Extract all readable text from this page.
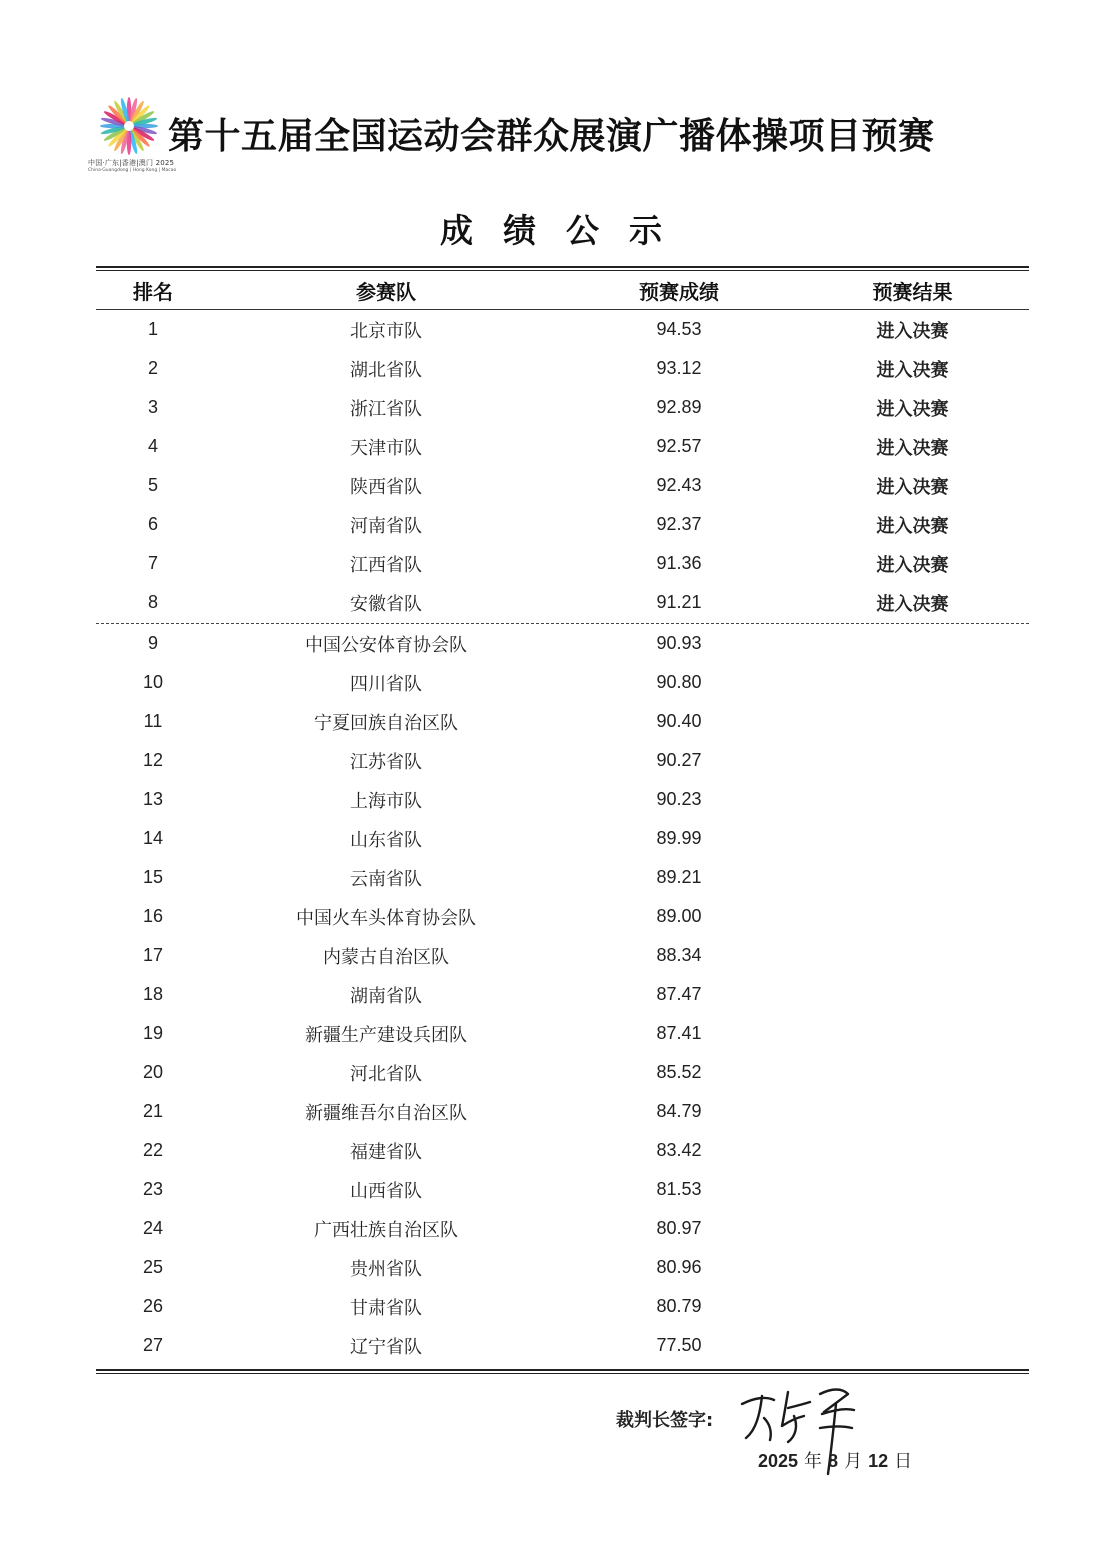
中国·广东|香港|澳门 2025
China·Guangdong | Hong Kong | Macao
第十五届全国运动会群众展演广播体操项目预赛
成绩公示
排名	参赛队	预赛成绩	预赛结果
1	北京市队	94.53	进入决赛
2	湖北省队	93.12	进入决赛
3	浙江省队	92.89	进入决赛
4	天津市队	92.57	进入决赛
5	陕西省队	92.43	进入决赛
6	河南省队	92.37	进入决赛
7	江西省队	91.36	进入决赛
8	安徽省队	91.21	进入决赛
9	中国公安体育协会队	90.93
10	四川省队	90.80
11	宁夏回族自治区队	90.40
12	江苏省队	90.27
13	上海市队	90.23
14	山东省队	89.99
15	云南省队	89.21
16	中国火车头体育协会队	89.00
17	内蒙古自治区队	88.34
18	湖南省队	87.47
19	新疆生产建设兵团队	87.41
20	河北省队	85.52
21	新疆维吾尔自治区队	84.79
22	福建省队	83.42
23	山西省队	81.53
24	广西壮族自治区队	80.97
25	贵州省队	80.96
26	甘肃省队	80.79
27	辽宁省队	77.50
裁判长签字:
2025 年 8 月 12 日
